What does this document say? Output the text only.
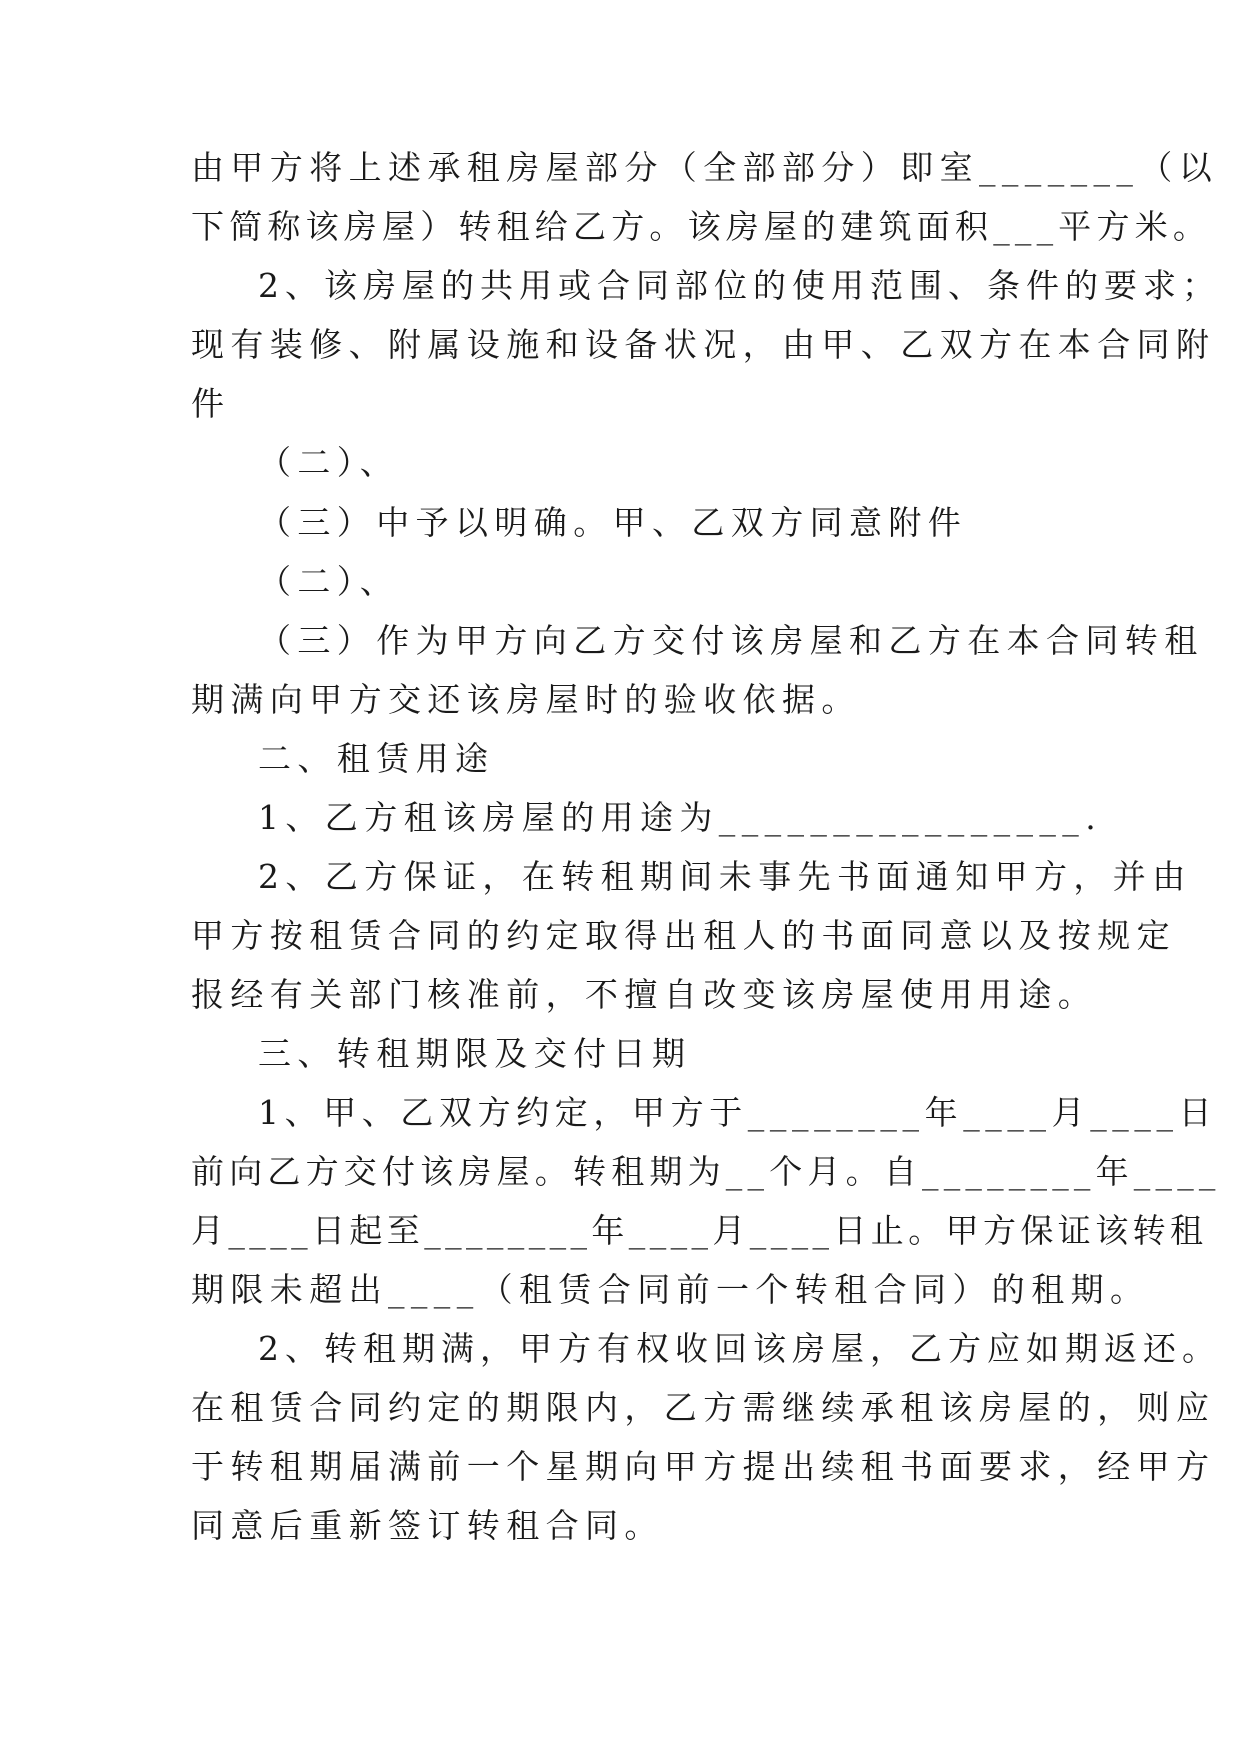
由甲方将上述承租房屋部分（全部部分）即室_______（以
下简称该房屋）转租给乙方。该房屋的建筑面积___平方米。
2、该房屋的共用或合同部位的使用范围、条件的要求；
现有装修、附属设施和设备状况，由甲、乙双方在本合同附
件
（二）、
（三）中予以明确。甲、乙双方同意附件
（二）、
（三）作为甲方向乙方交付该房屋和乙方在本合同转租
期满向甲方交还该房屋时的验收依据。
二、租赁用途
1、乙方租该房屋的用途为________________.
2、乙方保证，在转租期间未事先书面通知甲方，并由
甲方按租赁合同的约定取得出租人的书面同意以及按规定
报经有关部门核准前，不擅自改变该房屋使用用途。
三、转租期限及交付日期
1、甲、乙双方约定，甲方于________年____月____日
前向乙方交付该房屋。转租期为__个月。自________年____
月____日起至________年____月____日止。甲方保证该转租
期限未超出____（租赁合同前一个转租合同）的租期。
2、转租期满，甲方有权收回该房屋，乙方应如期返还。
在租赁合同约定的期限内，乙方需继续承租该房屋的，则应
于转租期届满前一个星期向甲方提出续租书面要求，经甲方
同意后重新签订转租合同。
